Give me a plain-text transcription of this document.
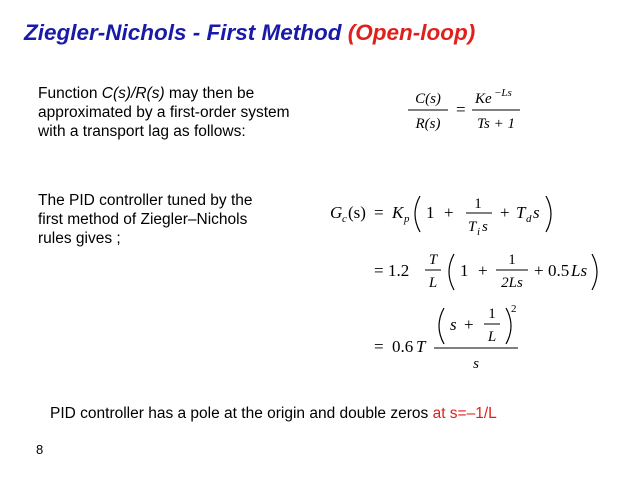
Ziegler-Nichols - First Method (Open-loop)
Function C(s)/R(s) may then be
approximated by a first-order system
with a transport lag as follows:
C(s)
R(s)
=
Ke −Ls
Ts + 1
The PID controller tuned by the
first method of Ziegler–Nichols
rules gives ;
G c (s) = K p 1 + 1
T i s
+ T d s
= 1.2
T
L
1 +
1
2Ls
+ 0.5 Ls
= 0.6 T
s +
1
L
2
s
PID controller has a pole at the origin and double zeros at s=–1/L
8
